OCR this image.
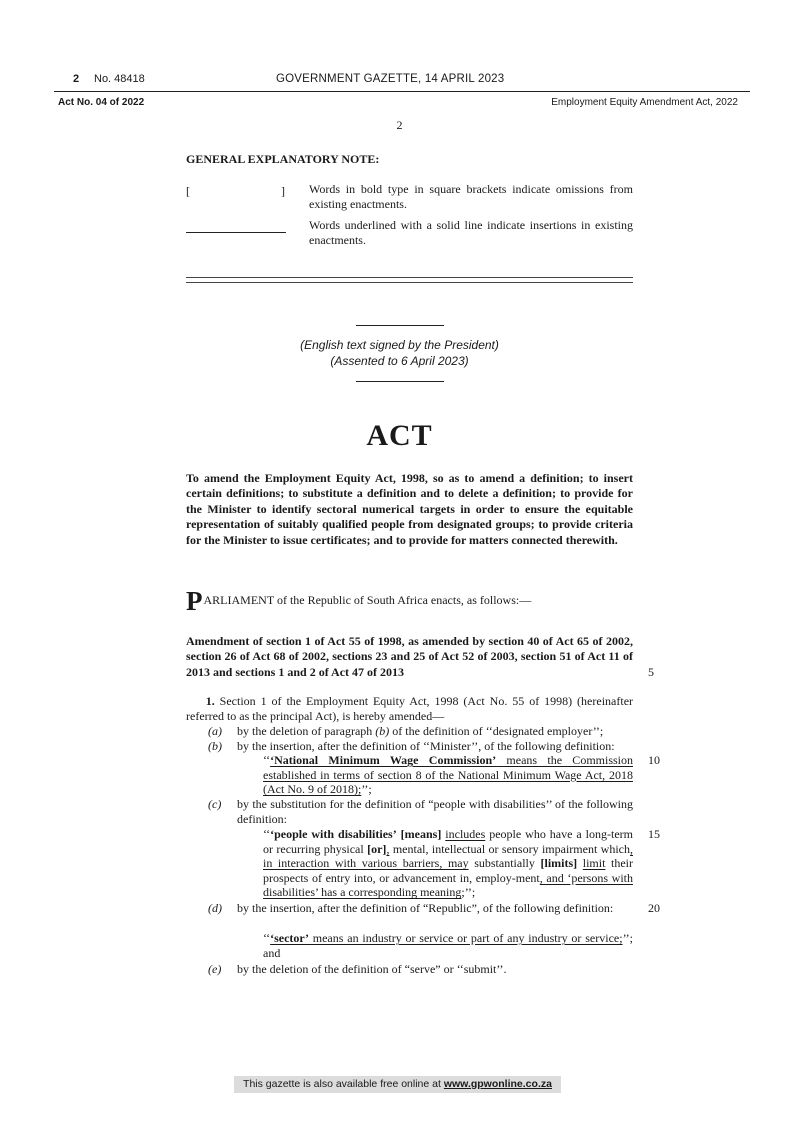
2 No. 48418	GOVERNMENT GAZETTE, 14 APRIL 2023
Act No. 04 of 2022	Employment Equity Amendment Act, 2022
2
GENERAL EXPLANATORY NOTE:
[	] Words in bold type in square brackets indicate omissions from existing enactments.
Words underlined with a solid line indicate insertions in existing enactments.
(English text signed by the President)
(Assented to 6 April 2023)
ACT
To amend the Employment Equity Act, 1998, so as to amend a definition; to insert certain definitions; to substitute a definition and to delete a definition; to provide for the Minister to identify sectoral numerical targets in order to ensure the equitable representation of suitably qualified people from designated groups; to provide criteria for the Minister to issue certificates; and to provide for matters connected therewith.
PARLIAMENT of the Republic of South Africa enacts, as follows:—
Amendment of section 1 of Act 55 of 1998, as amended by section 40 of Act 65 of 2002, section 26 of Act 68 of 2002, sections 23 and 25 of Act 52 of 2003, section 51 of Act 11 of 2013 and sections 1 and 2 of Act 47 of 2013	5
1. Section 1 of the Employment Equity Act, 1998 (Act No. 55 of 1998) (hereinafter referred to as the principal Act), is hereby amended—
(a) by the deletion of paragraph (b) of the definition of ‘‘designated employer’’;
(b) by the insertion, after the definition of ‘‘Minister’’, of the following definition:
‘‘‘National Minimum Wage Commission’ means the Commission established in terms of section 8 of the National Minimum Wage Act, 2018 (Act No. 9 of 2018);’’;
10
(c) by the substitution for the definition of “people with disabilities’’ of the following definition:
‘‘‘people with disabilities’ [means] includes people who have a long-term or recurring physical [or], mental, intellectual or sensory impairment which, in interaction with various barriers, may substantially [limits] limit their prospects of entry into, or advancement in, employ-ment, and ‘persons with disabilities’ has a corresponding meaning;’’;
15
(d) by the insertion, after the definition of “Republic”, of the following definition:	20
‘‘‘sector’ means an industry or service or part of any industry or service;’’; and
(e) by the deletion of the definition of “serve” or ‘‘submit’’.
This gazette is also available free online at www.gpwonline.co.za
